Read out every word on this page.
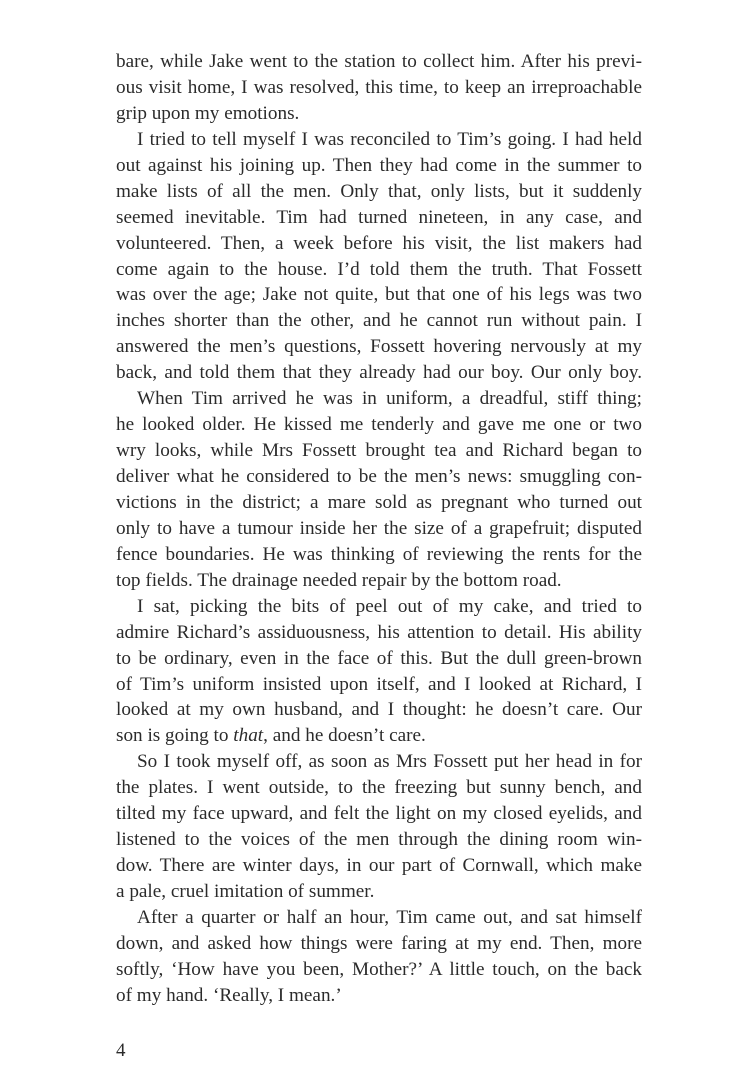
bare, while Jake went to the station to collect him. After his previ-
ous visit home, I was resolved, this time, to keep an irreproachable
grip upon my emotions.
I tried to tell myself I was reconciled to Tim’s going. I had held
out against his joining up. Then they had come in the summer to
make lists of all the men. Only that, only lists, but it suddenly
seemed inevitable. Tim had turned nineteen, in any case, and
volunteered. Then, a week before his visit, the list makers had
come again to the house. I’d told them the truth. That Fossett
was over the age; Jake not quite, but that one of his legs was two
inches shorter than the other, and he cannot run without pain. I
answered the men’s questions, Fossett hovering nervously at my
back, and told them that they already had our boy. Our only boy.
When Tim arrived he was in uniform, a dreadful, stiff thing;
he looked older. He kissed me tenderly and gave me one or two
wry looks, while Mrs Fossett brought tea and Richard began to
deliver what he considered to be the men’s news: smuggling con-
victions in the district; a mare sold as pregnant who turned out
only to have a tumour inside her the size of a grapefruit; disputed
fence boundaries. He was thinking of reviewing the rents for the
top fields. The drainage needed repair by the bottom road.
I sat, picking the bits of peel out of my cake, and tried to
admire Richard’s assiduousness, his attention to detail. His ability
to be ordinary, even in the face of this. But the dull green-brown
of Tim’s uniform insisted upon itself, and I looked at Richard, I
looked at my own husband, and I thought: he doesn’t care. Our
son is going to that, and he doesn’t care.
So I took myself off, as soon as Mrs Fossett put her head in for
the plates. I went outside, to the freezing but sunny bench, and
tilted my face upward, and felt the light on my closed eyelids, and
listened to the voices of the men through the dining room win-
dow. There are winter days, in our part of Cornwall, which make
a pale, cruel imitation of summer.
After a quarter or half an hour, Tim came out, and sat himself
down, and asked how things were faring at my end. Then, more
softly, ‘How have you been, Mother?’ A little touch, on the back
of my hand. ‘Really, I mean.’
4
